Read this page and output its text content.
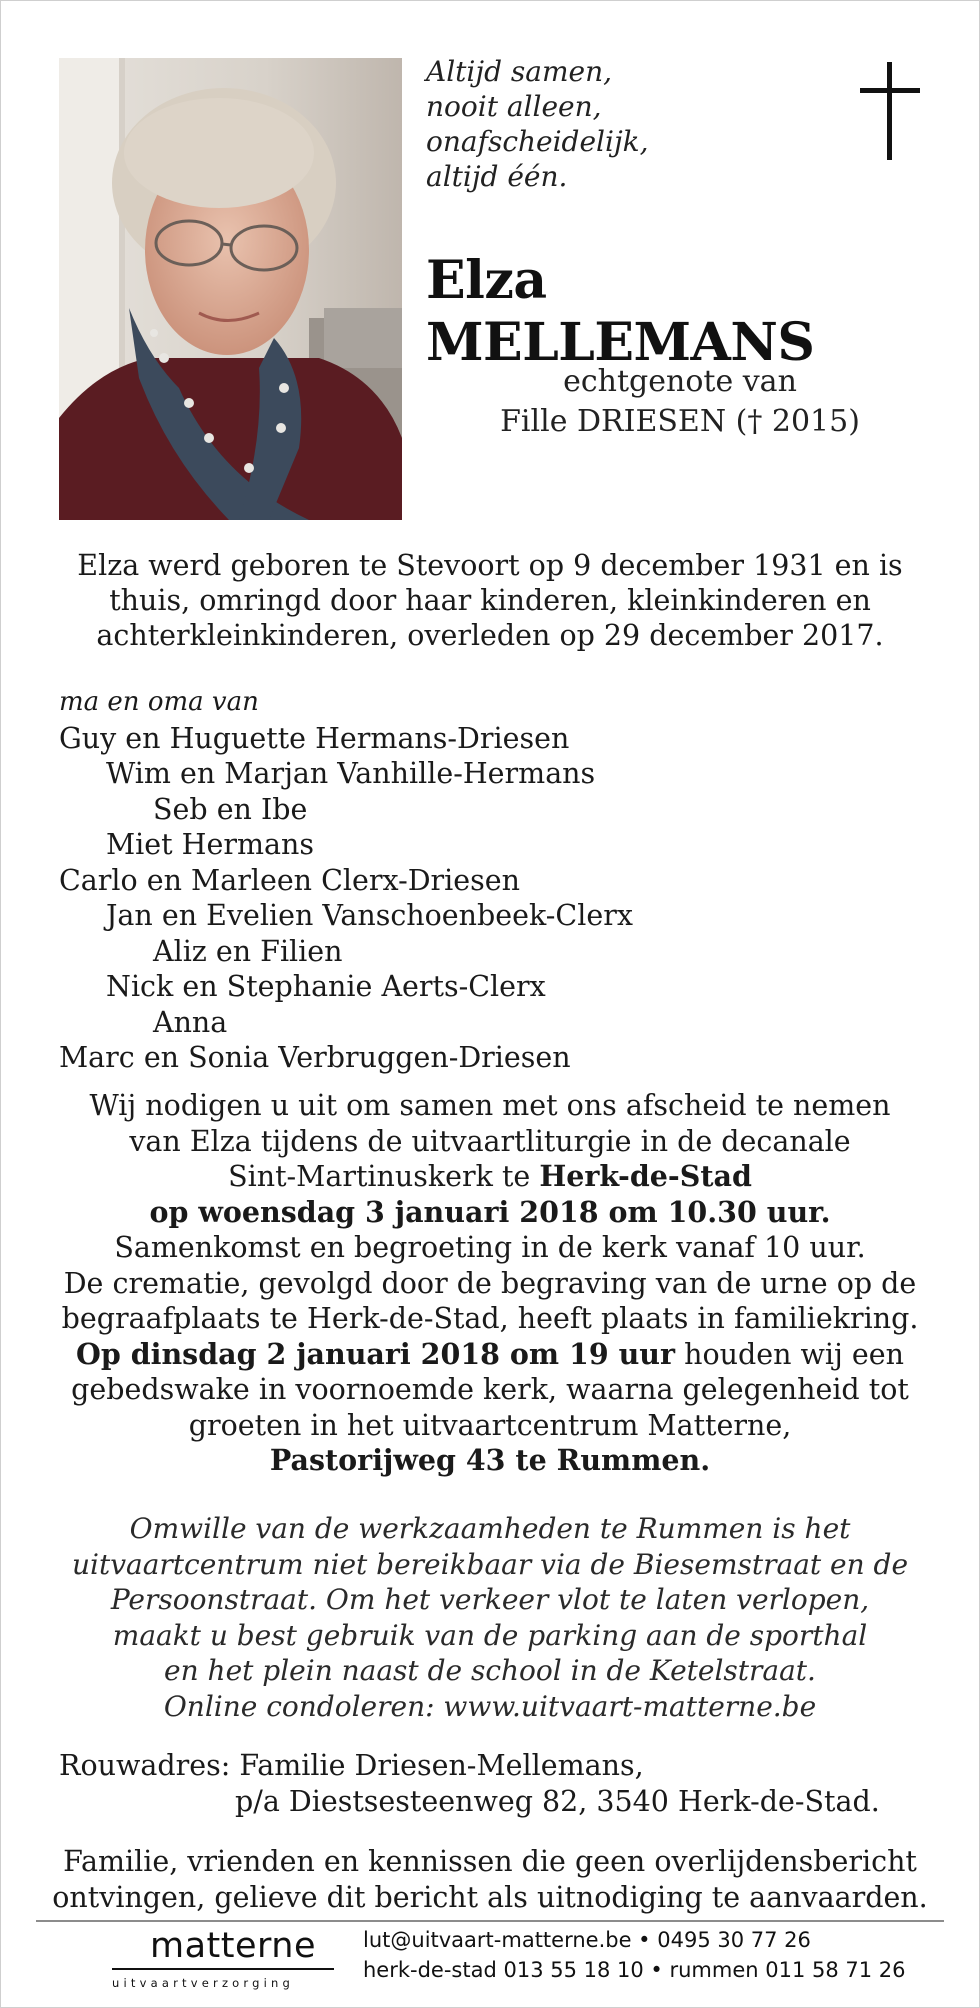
Altijd samen,
nooit alleen,
onafscheidelijk,
altijd één.
Elza MELLEMANS
echtgenote van
Fille DRIESEN († 2015)
Elza werd geboren te Stevoort op 9 december 1931 en is
thuis, omringd door haar kinderen, kleinkinderen en
achterkleinkinderen, overleden op 29 december 2017.
ma en oma van
Guy en Huguette Hermans-Driesen
Wim en Marjan Vanhille-Hermans
Seb en Ibe
Miet Hermans
Carlo en Marleen Clerx-Driesen
Jan en Evelien Vanschoenbeek-Clerx
Aliz en Filien
Nick en Stephanie Aerts-Clerx
Anna
Marc en Sonia Verbruggen-Driesen
Wij nodigen u uit om samen met ons afscheid te nemen
van Elza tijdens de uitvaartliturgie in de decanale
Sint-Martinuskerk te Herk-de-Stad
op woensdag 3 januari 2018 om 10.30 uur.
Samenkomst en begroeting in de kerk vanaf 10 uur.
De crematie, gevolgd door de begraving van de urne op de
begraafplaats te Herk-de-Stad, heeft plaats in familiekring.
Op dinsdag 2 januari 2018 om 19 uur houden wij een
gebedswake in voornoemde kerk, waarna gelegenheid tot
groeten in het uitvaartcentrum Matterne,
Pastorijweg 43 te Rummen.
Omwille van de werkzaamheden te Rummen is het
uitvaartcentrum niet bereikbaar via de Biesemstraat en de
Persoonstraat. Om het verkeer vlot te laten verlopen,
maakt u best gebruik van de parking aan de sporthal
en het plein naast de school in de Ketelstraat.
Online condoleren: www.uitvaart-matterne.be
Rouwadres: Familie Driesen-Mellemans,
p/a Diestsesteenweg 82, 3540 Herk-de-Stad.
Familie, vrienden en kennissen die geen overlijdensbericht
ontvingen, gelieve dit bericht als uitnodiging te aanvaarden.
matterne
uitvaartverzorging
lut@uitvaart-matterne.be • 0495 30 77 26
herk-de-stad 013 55 18 10 • rummen 011 58 71 26
